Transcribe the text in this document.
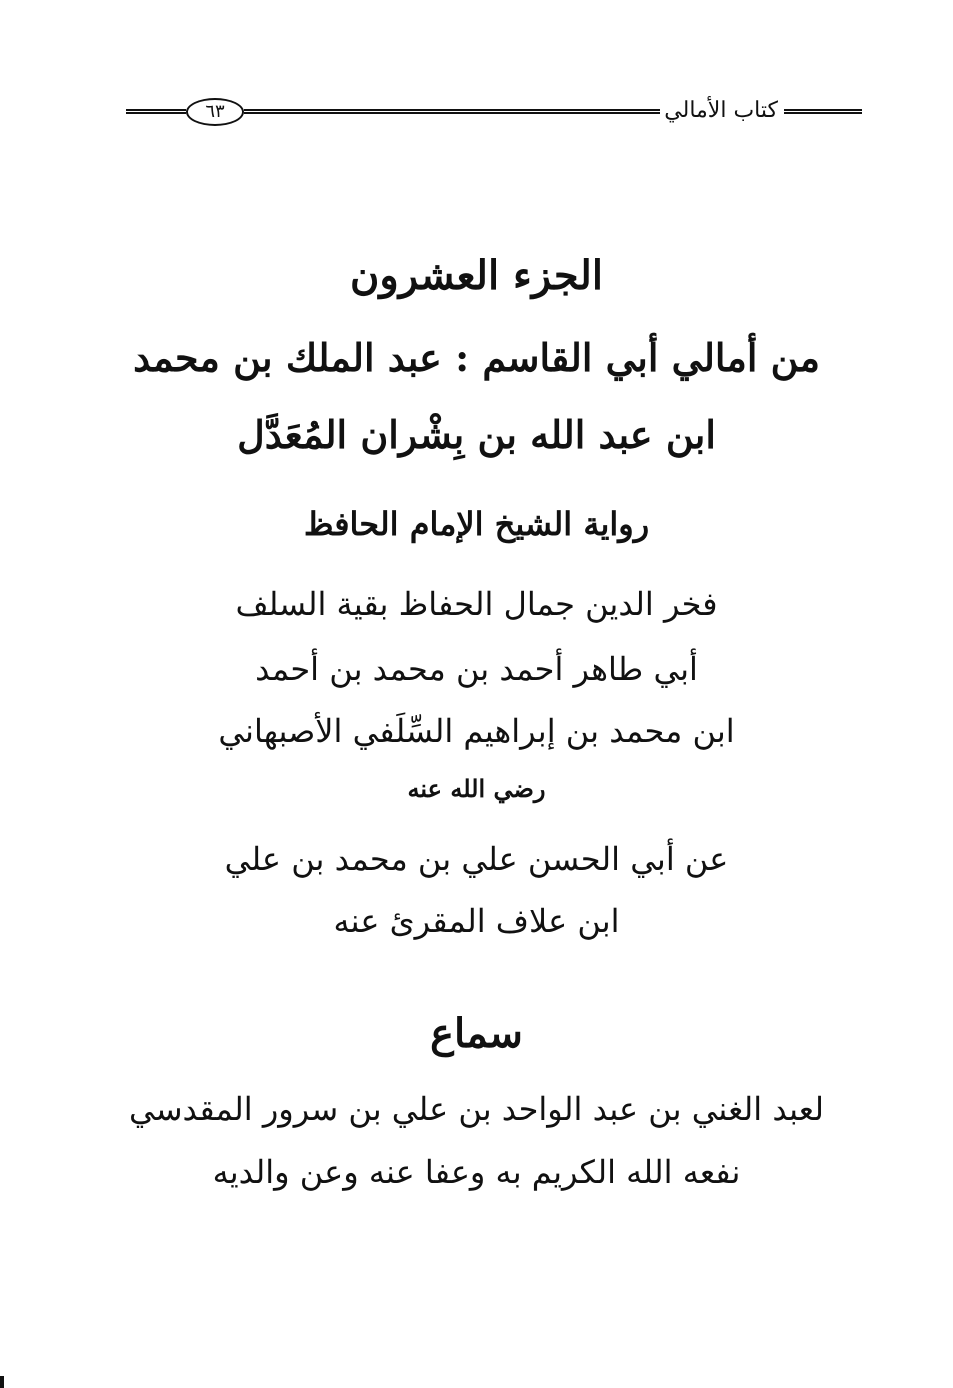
٦٣	كتاب الأمالي
الجزء العشرون
من أمالي أبي القاسم : عبد الملك بن محمد
ابن عبد الله بن بِشْران المُعَدَّل
رواية الشيخ الإمام الحافظ
فخر الدين جمال الحفاظ بقية السلف
أبي طاهر أحمد بن محمد بن أحمد
ابن محمد بن إبراهيم السِّلَفي الأصبهاني
رضي الله عنه
عن أبي الحسن علي بن محمد بن علي
ابن علاف المقرئ عنه
سماع
لعبد الغني بن عبد الواحد بن علي بن سرور المقدسي
نفعه الله الكريم به وعفا عنه وعن والديه
